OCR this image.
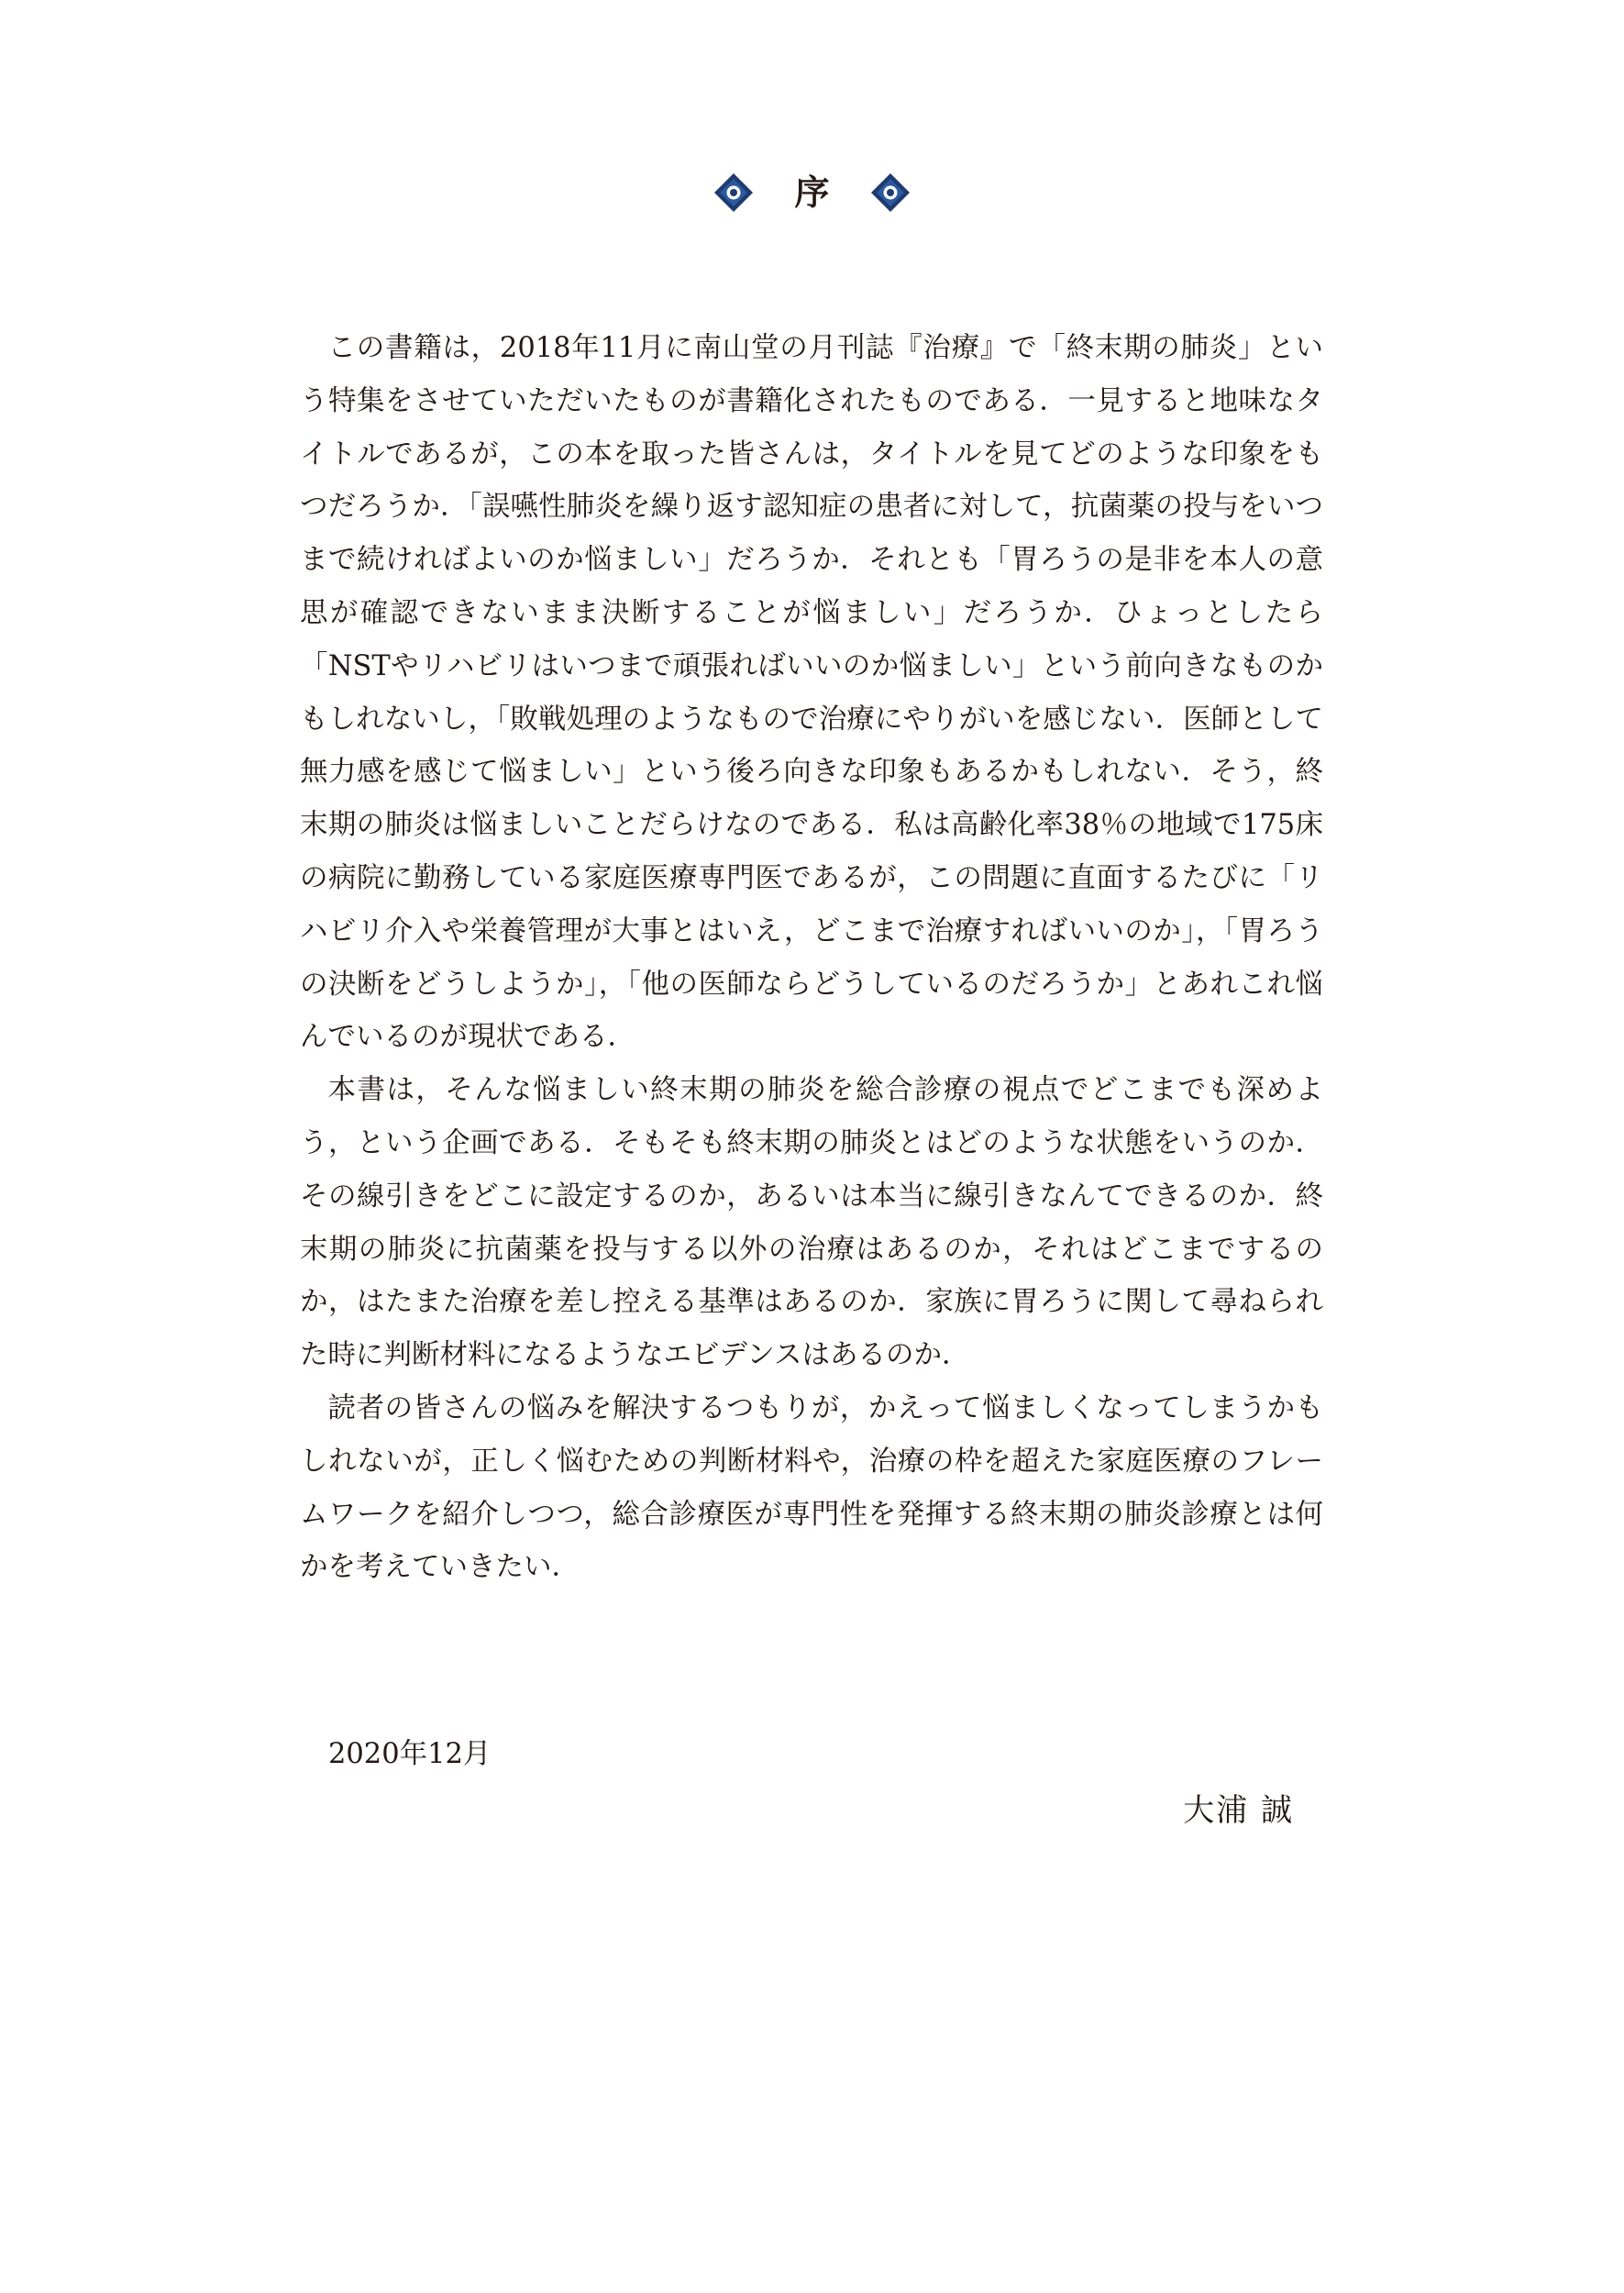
序

この書籍は，2018年11月に南山堂の月刊誌『治療』で「終末期の肺炎」という特集をさせていただいたものが書籍化されたものである．一見すると地味なタイトルであるが，この本を取った皆さんは，タイトルを見てどのような印象をもつだろうか．「誤嚥性肺炎を繰り返す認知症の患者に対して，抗菌薬の投与をいつまで続ければよいのか悩ましい」だろうか．それとも「胃ろうの是非を本人の意思が確認できないまま決断することが悩ましい」だろうか．ひょっとしたら「NSTやリハビリはいつまで頑張ればいいのか悩ましい」という前向きなものかもしれないし，「敗戦処理のようなもので治療にやりがいを感じない．医師として無力感を感じて悩ましい」という後ろ向きな印象もあるかもしれない．そう，終末期の肺炎は悩ましいことだらけなのである．私は高齢化率38％の地域で175床の病院に勤務している家庭医療専門医であるが，この問題に直面するたびに「リハビリ介入や栄養管理が大事とはいえ，どこまで治療すればいいのか」，「胃ろうの決断をどうしようか」，「他の医師ならどうしているのだろうか」とあれこれ悩んでいるのが現状である．

本書は，そんな悩ましい終末期の肺炎を総合診療の視点でどこまでも深めよう，という企画である．そもそも終末期の肺炎とはどのような状態をいうのか．その線引きをどこに設定するのか，あるいは本当に線引きなんてできるのか．終末期の肺炎に抗菌薬を投与する以外の治療はあるのか，それはどこまでするのか，はたまた治療を差し控える基準はあるのか．家族に胃ろうに関して尋ねられた時に判断材料になるようなエビデンスはあるのか．

読者の皆さんの悩みを解決するつもりが，かえって悩ましくなってしまうかもしれないが，正しく悩むための判断材料や，治療の枠を超えた家庭医療のフレームワークを紹介しつつ，総合診療医が専門性を発揮する終末期の肺炎診療とは何かを考えていきたい．

2020年12月
大浦 誠
